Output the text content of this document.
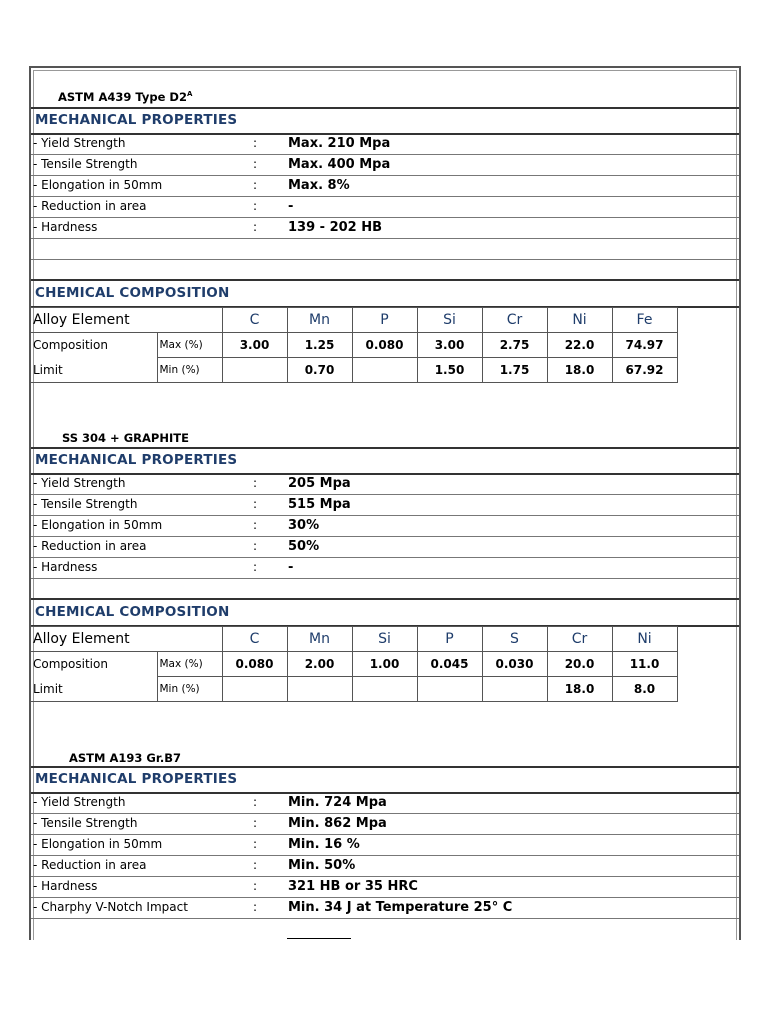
ASTM A439 Type $D2^A$
MECHANICAL PROPERTIES
- Yield Strength	: Max. 210 Mpa
- Tensile Strength	: Max. 400 Mpa
- Elongation in 50mm	: Max. 8%
- Reduction in area	: -
- Hardness	: 139 - 202 HB
CHEMICAL COMPOSITION
Alloy Element		C	Mn	P	Si	Cr	Ni	Fe	
Composition	Max (%)	3.00	1.25	0.080	3.00	2.75	22.0	74.97	
Limit	Min (%)		0.70		1.50	1.75	18.0	67.92	
SS 304 + GRAPHITE
MECHANICAL PROPERTIES
- Yield Strength	: 205 Mpa
- Tensile Strength	: 515 Mpa
- Elongation in 50mm	: 30%
- Reduction in area	: 50%
- Hardness	: -
CHEMICAL COMPOSITION
Alloy Element		C	Mn	Si	P	S	Cr	Ni	
Composition	Max (%)	0.080	2.00	1.00	0.045	0.030	20.0	11.0	
Limit	Min (%)						18.0	8.0	
ASTM A193 Gr.B7
MECHANICAL PROPERTIES
- Yield Strength	: Min. 724 Mpa
- Tensile Strength	: Min. 862 Mpa
- Elongation in 50mm	: Min. 16 %
- Reduction in area	: Min. 50%
- Hardness	: 321 HB or 35 HRC
- Charphy V-Notch Impact	: Min. 34 J at Temperature 25° C
